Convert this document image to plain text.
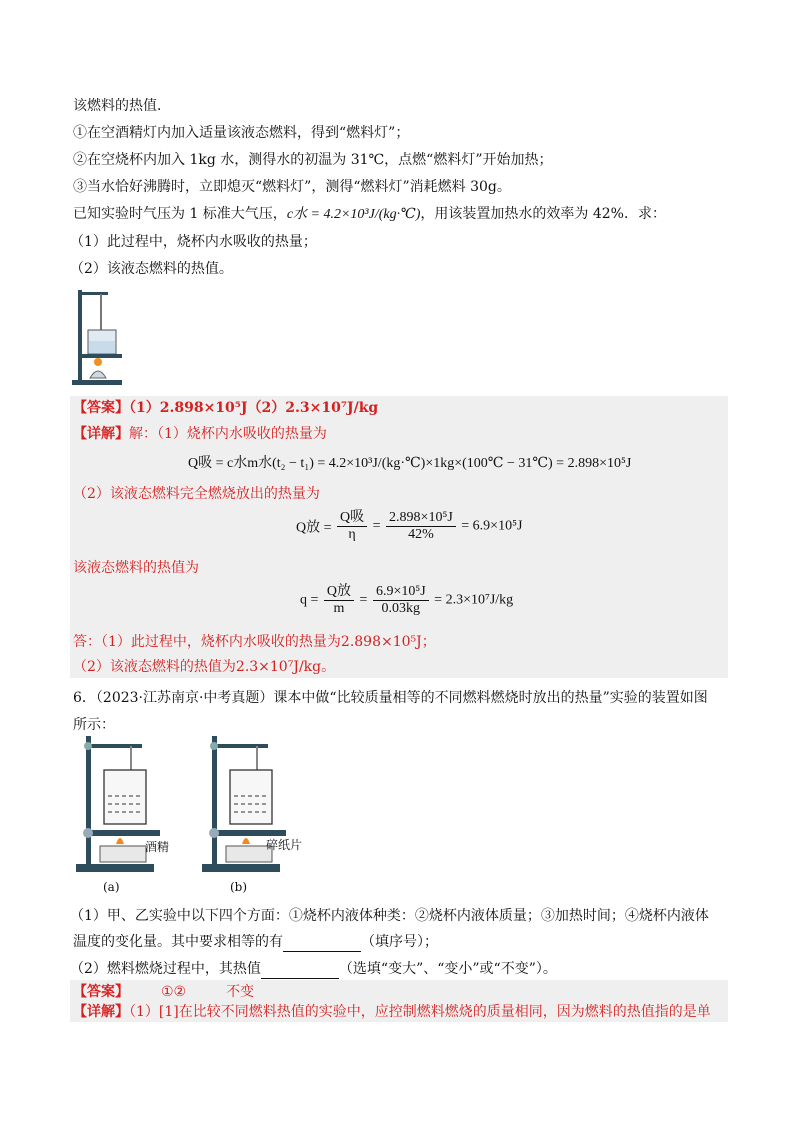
该燃料的热值．
①在空酒精灯内加入适量该液态燃料，得到“燃料灯”；
②在空烧杯内加入 1kg 水，测得水的初温为 31℃，点燃“燃料灯”开始加热；
③当水恰好沸腾时，立即熄灭“燃料灯”，测得“燃料灯”消耗燃料 30g。
已知实验时气压为 1 标准大气压，c水 = 4.2×10³J/(kg·℃)，用该装置加热水的效率为 42%．求：
（1）此过程中，烧杯内水吸收的热量；
（2）该液态燃料的热值。
【答案】（1）2.898×10⁵J（2）2.3×10⁷J/kg
【详解】解：（1）烧杯内水吸收的热量为
Q吸 = c水m水(t₂ − t₁) = 4.2×10³J/(kg·℃)×1kg×(100℃ − 31℃) = 2.898×10⁵J
（2）该液态燃料完全燃烧放出的热量为
Q放 = $\frac{\text{Q吸}}{\eta} = \frac{\text{2.898×10⁵J}}{42\%} = 6.9\times 10^5J$
该液态燃料的热值为
$q = \frac{\text{Q放}}{m} = \frac{\text{6.9×10⁵J}}{0.03kg} = 2.3\times 10^7J/kg$
答：（1）此过程中，烧杯内水吸收的热量为2.898×10⁵J；
（2）该液态燃料的热值为2.3×10⁷J/kg。
6．（2023·江苏南京·中考真题）课本中做“比较质量相等的不同燃料燃烧时放出的热量”实验的装置如图
所示：
酒精
(a)
碎纸片
(b)
（1）甲、乙实验中以下四个方面：①烧杯内液体种类：②烧杯内液体质量；③加热时间；④烧杯内液体
温度的变化量。其中要求相等的有	（填序号）；
（2）燃料燃烧过程中，其热值	（选填“变大”、“变小”或“不变”）。
【答案】 ①②	不变
【详解】（1）[1]在比较不同燃料热值的实验中，应控制燃料燃烧的质量相同，因为燃料的热值指的是单
